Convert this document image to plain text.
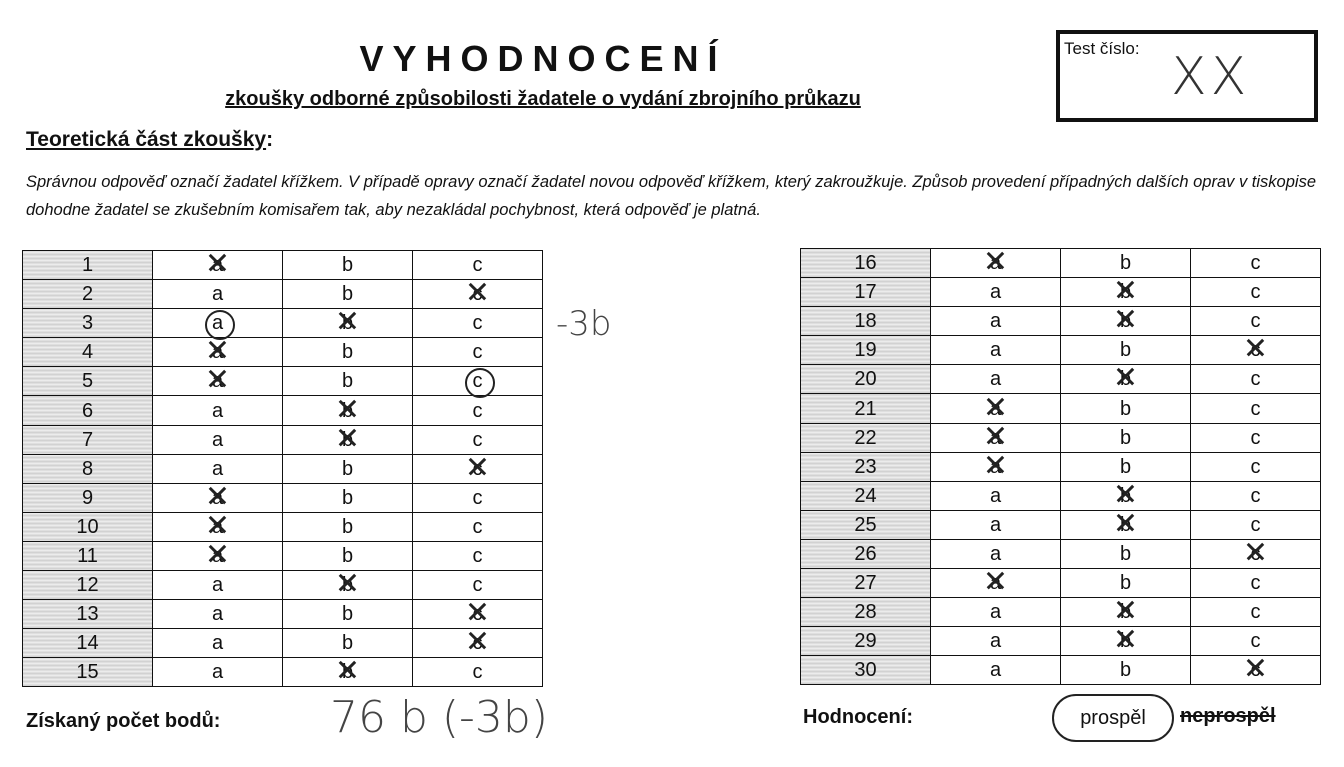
VYHODNOCENÍ
zkoušky odborné způsobilosti žadatele o vydání zbrojního průkazu
Test číslo: XX
Teoretická část zkoušky:
Správnou odpověď označí žadatel křížkem. V případě opravy označí žadatel novou odpověď křížkem, který zakroužkuje. Způsob provedení případných dalších oprav v tiskopise dohodne žadatel se zkušebním komisařem tak, aby nezakládal pochybnost, která odpověď je platná.
1	a ✕	b	c
2	a	b	c ✕
3	a	b ✕	c
4	a ✕	b	c
5	a ✕	b	c
6	a	b ✕	c
7	a	b ✕	c
8	a	b	c ✕
9	a ✕	b	c
10	a ✕	b	c
11	a ✕	b	c
12	a	b ✕	c
13	a	b	c ✕
14	a	b	c ✕
15	a	b ✕	c
16	a ✕	b	c
17	a	b ✕	c
18	a	b ✕	c
19	a	b	c ✕
20	a	b ✕	c
21	a ✕	b	c
22	a ✕	b	c
23	a ✕	b	c
24	a	b ✕	c
25	a	b ✕	c
26	a	b	c ✕
27	a ✕	b	c
28	a	b ✕	c
29	a	b ✕	c
30	a	b	c ✕
-3b
Získaný počet bodů: 76 b (-3b)	Hodnocení:	prospěl	neprospěl
